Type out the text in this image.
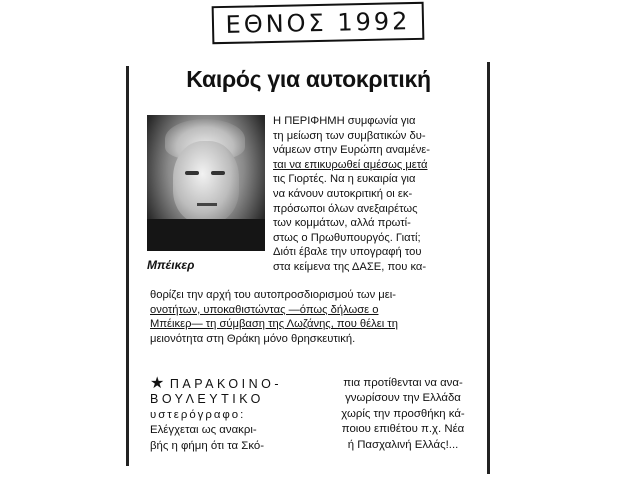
ΕΘΝΟΣ 1992
Καιρός για αυτοκριτική
Μπέικερ
Η ΠΕΡΙΦΗΜΗ συμφωνία για
τη μείωση των συμβατικών δυ-
νάμεων στην Ευρώπη αναμένε-
ται να επικυρωθεί αμέσως μετά
τις Γιορτές. Να η ευκαιρία για
να κάνουν αυτοκριτική οι εκ-
πρόσωποι όλων ανεξαιρέτως
των κομμάτων, αλλά πρωτί-
στως ο Πρωθυπουργός. Γιατί;
Διότι έβαλε την υπογραφή του
στα κείμενα της ΔΑΣΕ, που κα-
θορίζει την αρχή του αυτοπροσδιορισμού των μει-
ονοτήτων, υποκαθιστώντας —όπως δήλωσε ο
Μπέικερ— τη σύμβαση της Λωζάνης, που θέλει τη
μειονότητα στη Θράκη μόνο θρησκευτική.
★ ΠΑΡΑΚΟΙΝΟ-
ΒΟΥΛΕΥΤΙΚΟ
υστερόγραφο:
Ελέγχεται ως ανακρι-
βής η φήμη ότι τα Σκό-
πια προτίθενται να ανα-
γνωρίσουν την Ελλάδα
χωρίς την προσθήκη κά-
ποιου επιθέτου π.χ. Νέα
ή Πασχαλινή Ελλάς!...
